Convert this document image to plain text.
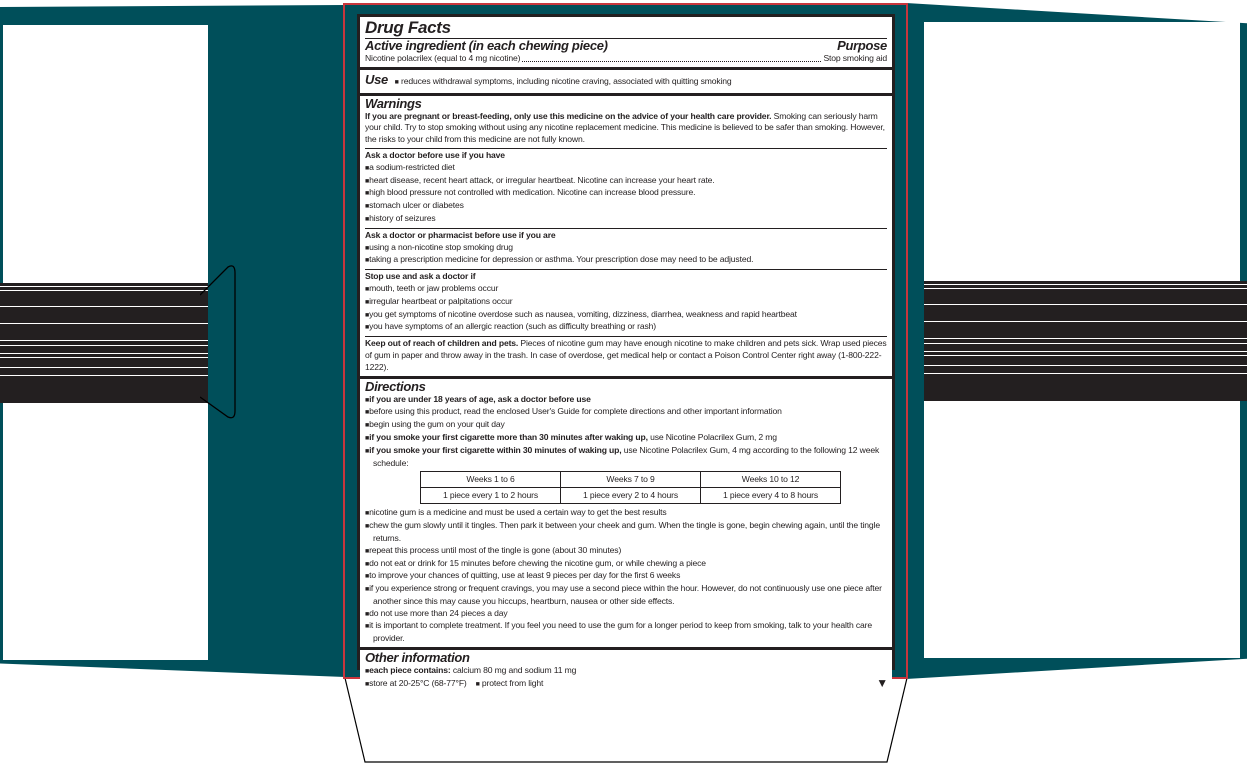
Drug Facts
Active ingredient (in each chewing piece)	Purpose
Nicotine polacrilex (equal to 4 mg nicotine)	Stop smoking aid
Use ■ reduces withdrawal symptoms, including nicotine craving, associated with quitting smoking
Warnings
If you are pregnant or breast-feeding, only use this medicine on the advice of your health care provider. Smoking can seriously harm your child. Try to stop smoking without using any nicotine replacement medicine. This medicine is believed to be safer than smoking. However, the risks to your child from this medicine are not fully known.
Ask a doctor before use if you have
■ a sodium-restricted diet
■ heart disease, recent heart attack, or irregular heartbeat. Nicotine can increase your heart rate.
■ high blood pressure not controlled with medication. Nicotine can increase blood pressure.
■ stomach ulcer or diabetes
■ history of seizures
Ask a doctor or pharmacist before use if you are
■ using a non-nicotine stop smoking drug
■ taking a prescription medicine for depression or asthma. Your prescription dose may need to be adjusted.
Stop use and ask a doctor if
■ mouth, teeth or jaw problems occur
■ irregular heartbeat or palpitations occur
■ you get symptoms of nicotine overdose such as nausea, vomiting, dizziness, diarrhea, weakness and rapid heartbeat
■ you have symptoms of an allergic reaction (such as difficulty breathing or rash)
Keep out of reach of children and pets. Pieces of nicotine gum may have enough nicotine to make children and pets sick. Wrap used pieces of gum in paper and throw away in the trash. In case of overdose, get medical help or contact a Poison Control Center right away (1-800-222-1222).
Directions
■ if you are under 18 years of age, ask a doctor before use
■ before using this product, read the enclosed User's Guide for complete directions and other important information
■ begin using the gum on your quit day
■ if you smoke your first cigarette more than 30 minutes after waking up, use Nicotine Polacrilex Gum, 2 mg
■ if you smoke your first cigarette within 30 minutes of waking up, use Nicotine Polacrilex Gum, 4 mg according to the following 12 week schedule:
Weeks 1 to 6	Weeks 7 to 9	Weeks 10 to 12
1 piece every 1 to 2 hours	1 piece every 2 to 4 hours	1 piece every 4 to 8 hours
■ nicotine gum is a medicine and must be used a certain way to get the best results
■ chew the gum slowly until it tingles. Then park it between your cheek and gum. When the tingle is gone, begin chewing again, until the tingle returns.
■ repeat this process until most of the tingle is gone (about 30 minutes)
■ do not eat or drink for 15 minutes before chewing the nicotine gum, or while chewing a piece
■ to improve your chances of quitting, use at least 9 pieces per day for the first 6 weeks
■ if you experience strong or frequent cravings, you may use a second piece within the hour. However, do not continuously use one piece after another since this may cause you hiccups, heartburn, nausea or other side effects.
■ do not use more than 24 pieces a day
■ it is important to complete treatment. If you feel you need to use the gum for a longer period to keep from smoking, talk to your health care provider.
Other information
■ each piece contains: calcium 80 mg and sodium 11 mg
■ store at 20-25°C (68-77°F) ■ protect from light	▼
